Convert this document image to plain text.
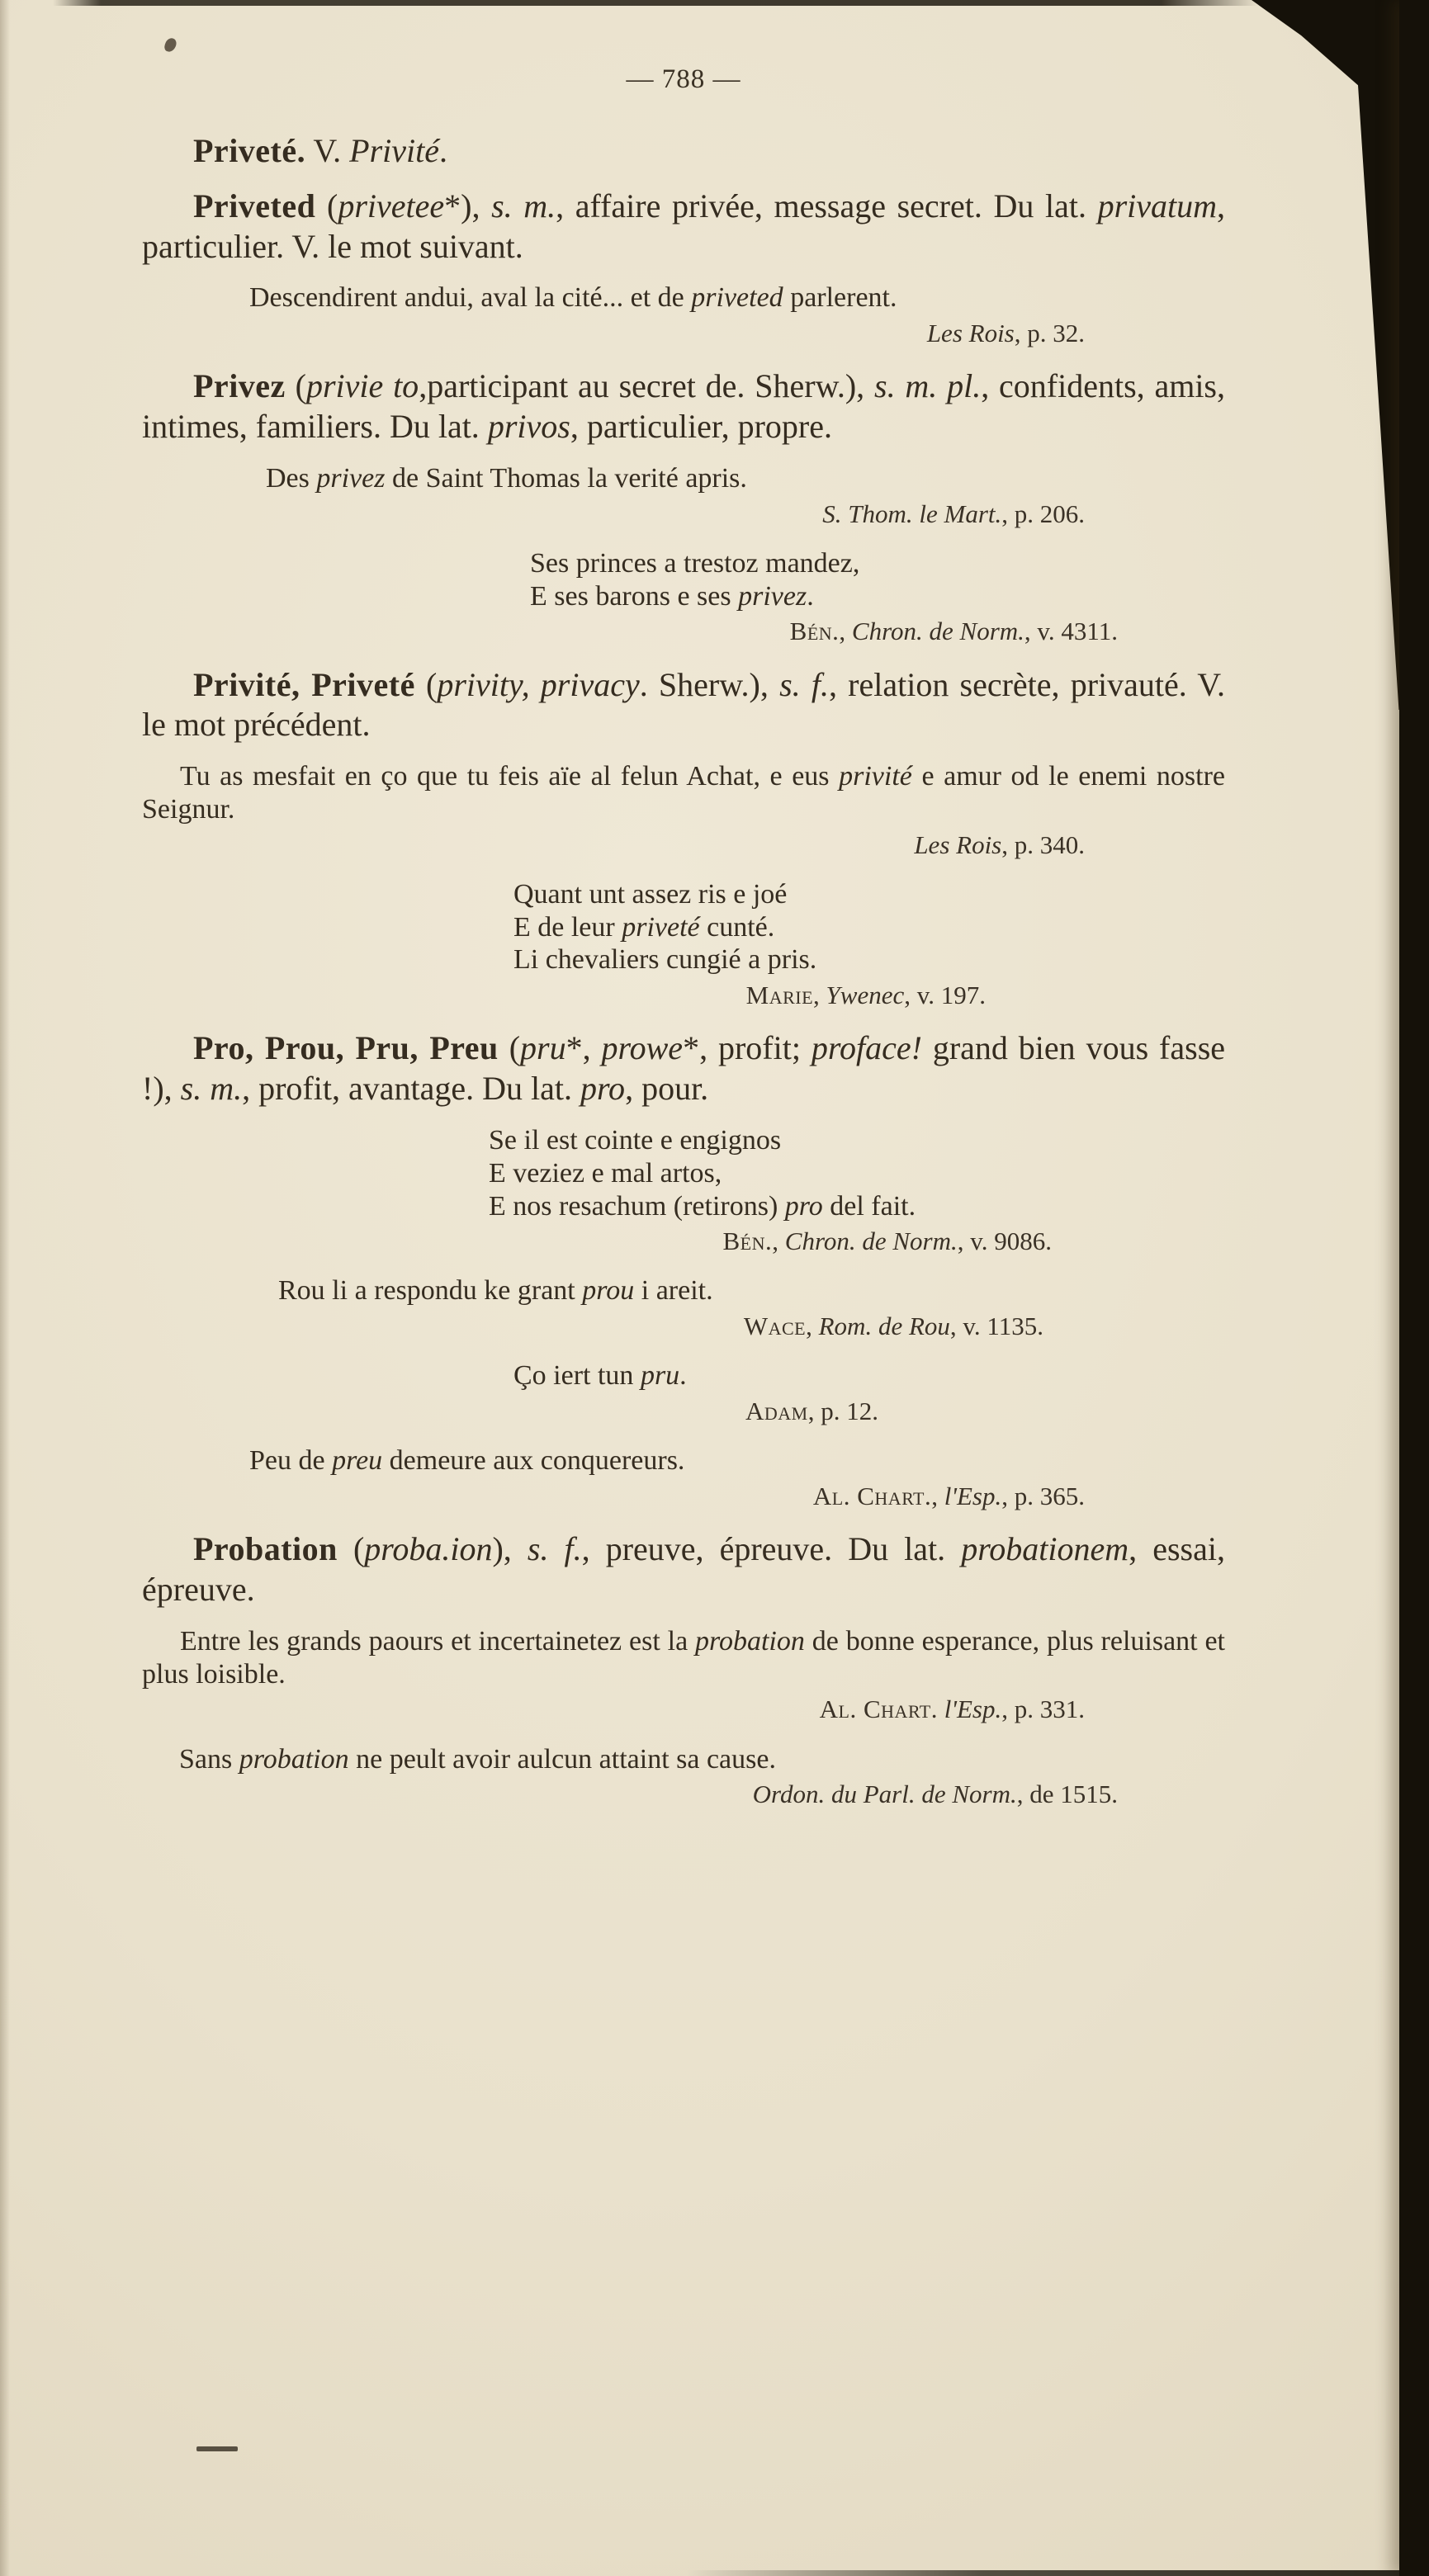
— 788 —

Priveté. V. Privité.

Priveted (privetee*), s. m., affaire privée, message secret. Du lat. privatum, particulier. V. le mot suivant.

Descendirent andui, aval la cité... et de priveted parlerent.
Les Rois, p. 32.

Privez (privie to,participant au secret de. Sherw.), s. m. pl., confidents, amis, intimes, familiers. Du lat. privos, particulier, propre.

Des privez de Saint Thomas la verité apris.
S. Thom. le Mart., p. 206.
Ses princes a trestoz mandez,
E ses barons e ses privez.
Bén., Chron. de Norm., v. 4311.

Privité, Priveté (privity, privacy. Sherw.), s. f., relation secrète, privauté. V. le mot précédent.

Tu as mesfait en ço que tu feis aïe al felun Achat, e eus privité e amur od le enemi nostre Seignur.
Les Rois, p. 340.
Quant unt assez ris e joé
E de leur priveté cunté.
Li chevaliers cungié a pris.
Marie, Ywenec, v. 197.

Pro, Prou, Pru, Preu (pru*, prowe*, profit; proface! grand bien vous fasse !), s. m., profit, avantage. Du lat. pro, pour.

Se il est cointe e engignos
E veziez e mal artos,
E nos resachum (retirons) pro del fait.
Bén., Chron. de Norm., v. 9086.
Rou li a respondu ke grant prou i areit.
Wace, Rom. de Rou, v. 1135.
Ço iert tun pru.
Adam, p. 12.
Peu de preu demeure aux conquereurs.
Al. Chart., l'Esp., p. 365.

Probation (proba.ion), s. f., preuve, épreuve. Du lat. probationem, essai, épreuve.

Entre les grands paours et incertainetez est la probation de bonne esperance, plus reluisant et plus loisible.
Al. Chart. l'Esp., p. 331.
Sans probation ne peult avoir aulcun attaint sa cause.
Ordon. du Parl. de Norm., de 1515.
